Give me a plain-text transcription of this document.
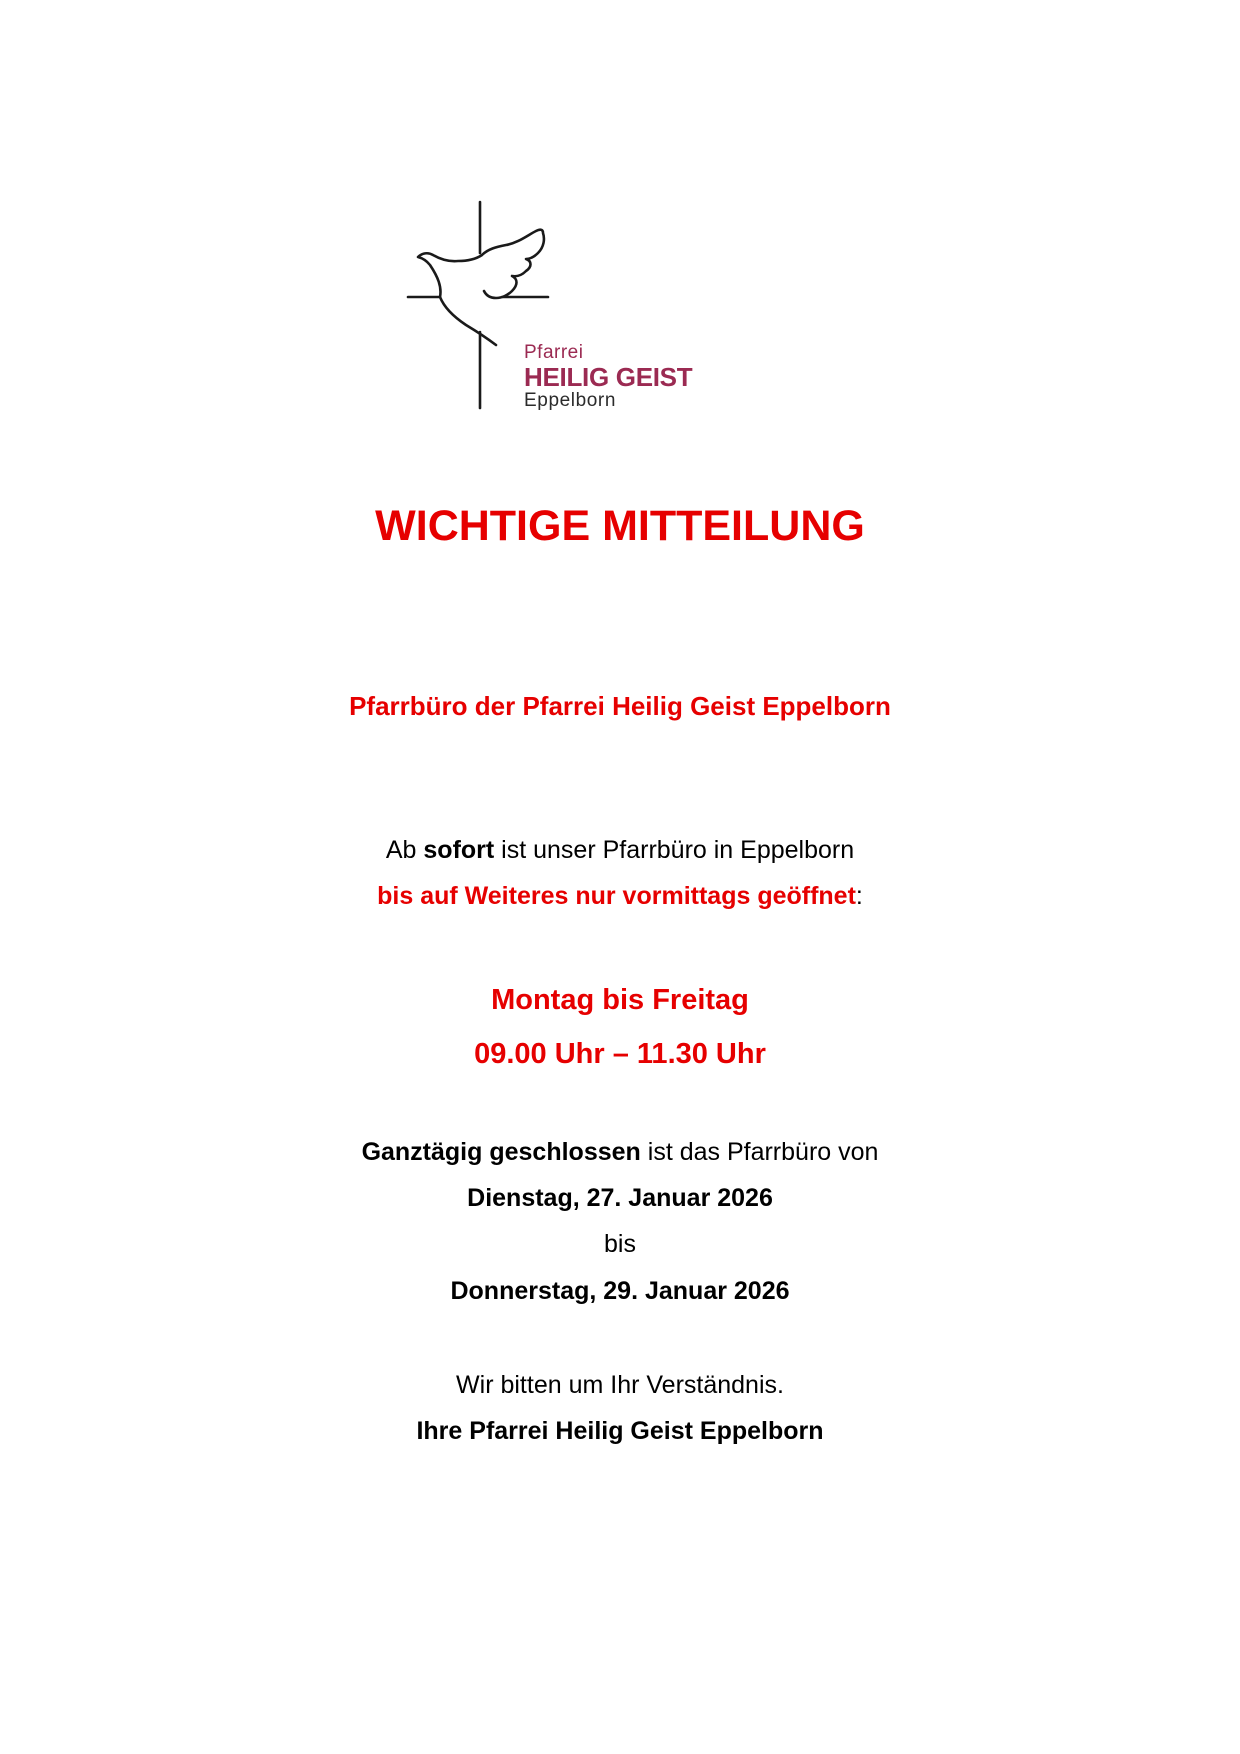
Pfarrei
HEILIG GEIST
Eppelborn
WICHTIGE MITTEILUNG
Pfarrbüro der Pfarrei Heilig Geist Eppelborn
Ab sofort ist unser Pfarrbüro in Eppelborn
bis auf Weiteres nur vormittags geöffnet:
Montag bis Freitag
09.00 Uhr – 11.30 Uhr
Ganztägig geschlossen ist das Pfarrbüro von
Dienstag, 27. Januar 2026
bis
Donnerstag, 29. Januar 2026
Wir bitten um Ihr Verständnis.
Ihre Pfarrei Heilig Geist Eppelborn
